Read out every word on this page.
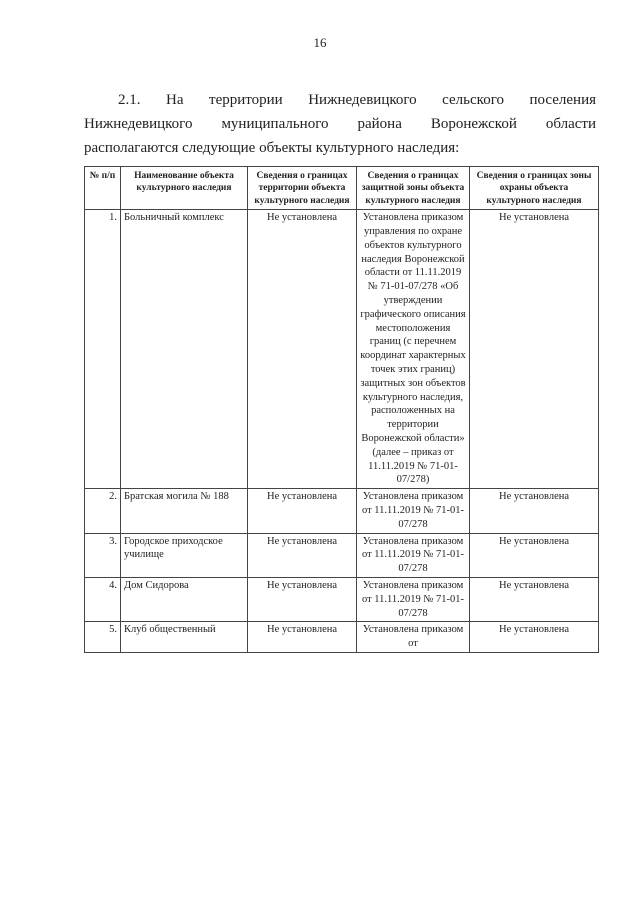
16
2.1. На территории Нижнедевицкого сельского поселения
Нижнедевицкого муниципального района Воронежской области
располагаются следующие объекты культурного наследия:
№ п/п	Наименование объекта культурного наследия	Сведения о границах территории объекта культурного наследия	Сведения о границах защитной зоны объекта культурного наследия	Сведения о границах зоны охраны объекта культурного наследия
1.	Больничный комплекс	Не установлена	Установлена приказом управления по охране объектов культурного наследия Воронежской области от 11.11.2019 № 71-01-07/278 «Об утверждении графического описания местоположения границ (с перечнем координат характерных точек этих границ) защитных зон объектов культурного наследия, расположенных на территории Воронежской области» (далее – приказ от 11.11.2019 № 71-01-07/278)	Не установлена
2.	Братская могила № 188	Не установлена	Установлена приказом от 11.11.2019 № 71-01-07/278	Не установлена
3.	Городское приходское училище	Не установлена	Установлена приказом от 11.11.2019 № 71-01-07/278	Не установлена
4.	Дом Сидорова	Не установлена	Установлена приказом от 11.11.2019 № 71-01-07/278	Не установлена
5.	Клуб общественный	Не установлена	Установлена приказом от	Не установлена
